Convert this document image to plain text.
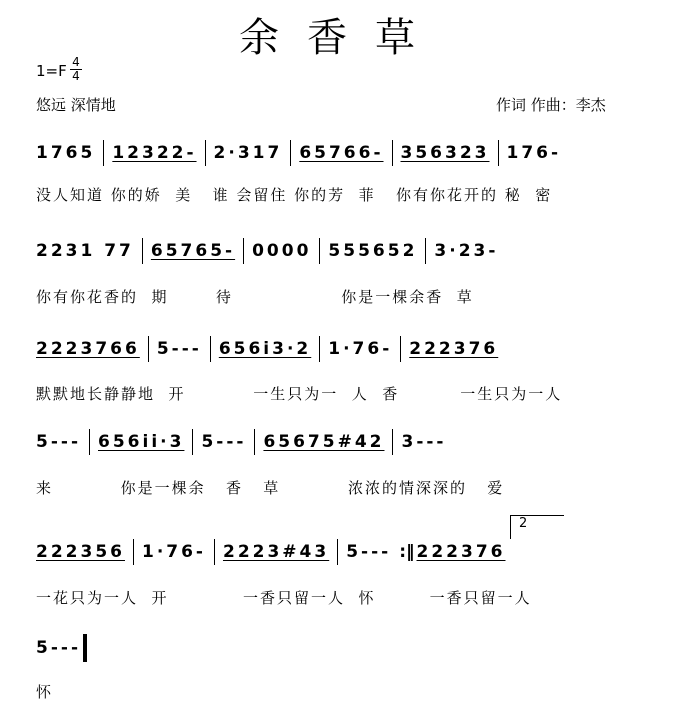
余香草
1=F 4
4
悠远 深情地	作词 作曲：李杰
2
1765 12322- 2·317 65766- 356323 176-
没人知道 你的娇  美   谁 会留住 你的芳  菲   你有你花开的 秘  密
2231 77 65765- 0000 555652 3·23-
你有你花香的  期       待                你是一棵余香  草
2223766 5--- 656i3·2 1·76- 222376
默默地长静静地  开          一生只为一  人  香         一生只为一人
5--- 656ii·3 5--- 65675#42 3---
来          你是一棵余   香   草          浓浓的情深深的   爱
222356 1·76- 2223#43 5--- :‖ 222376
一花只为一人  开           一香只留一人  怀        一香只留一人
5---
怀
